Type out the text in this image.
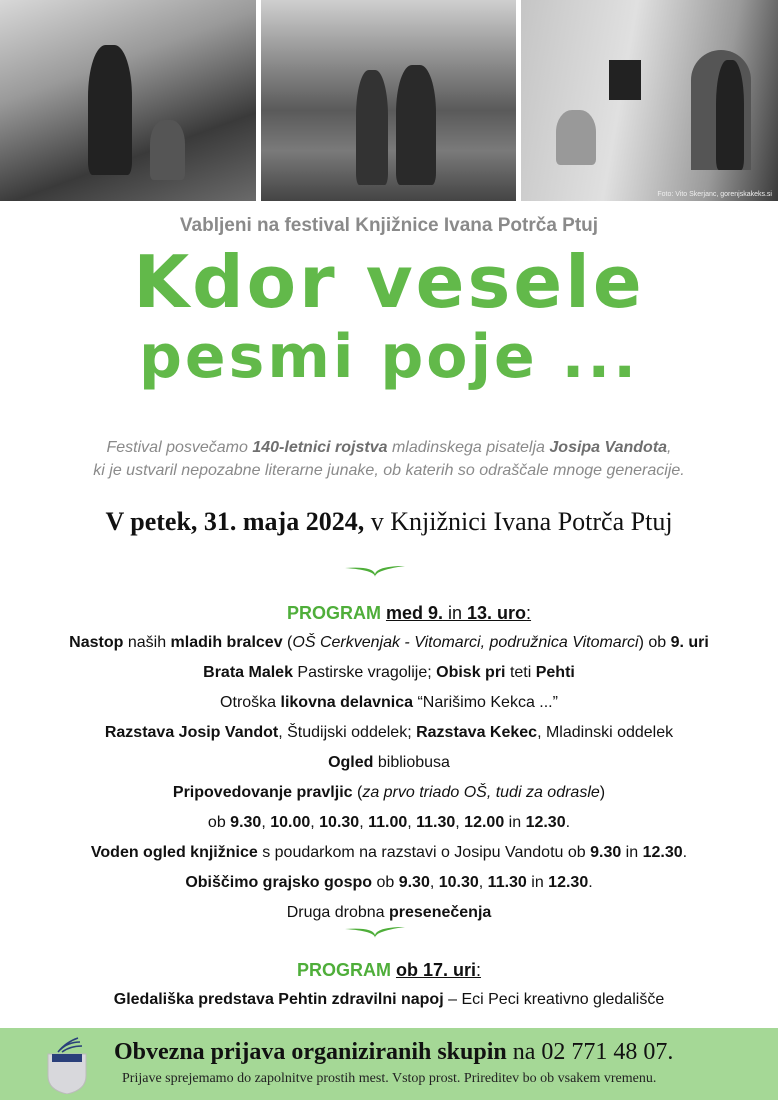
Foto: Vito Skerjanc, gorenjskakeks.si
Vabljeni na festival Knjižnice Ivana Potrča Ptuj
Kdor vesele
pesmi poje ...
Festival posvečamo 140-letnici rojstva mladinskega pisatelja Josipa Vandota,
ki je ustvaril nepozabne literarne junake, ob katerih so odraščale mnoge generacije.
V petek, 31. maja 2024, v Knjižnici Ivana Potrča Ptuj
PROGRAM med 9. in 13. uro:
Nastop naših mladih bralcev (OŠ Cerkvenjak - Vitomarci, podružnica Vitomarci) ob 9. uri
Brata Malek Pastirske vragolije; Obisk pri teti Pehti
Otroška likovna delavnica “Narišimo Kekca ...”
Razstava Josip Vandot, Študijski oddelek; Razstava Kekec, Mladinski oddelek
Ogled bibliobusa
Pripovedovanje pravljic (za prvo triado OŠ, tudi za odrasle)
ob 9.30, 10.00, 10.30, 11.00, 11.30, 12.00 in 12.30.
Voden ogled knjižnice s poudarkom na razstavi o Josipu Vandotu ob 9.30 in 12.30.
Obiščimo grajsko gospo ob 9.30, 10.30, 11.30 in 12.30.
Druga drobna presenečenja
PROGRAM ob 17. uri:
Gledališka predstava Pehtin zdravilni napoj – Eci Peci kreativno gledališče
Obvezna prijava organiziranih skupin na 02 771 48 07.
Prijave sprejemamo do zapolnitve prostih mest. Vstop prost. Prireditev bo ob vsakem vremenu.
